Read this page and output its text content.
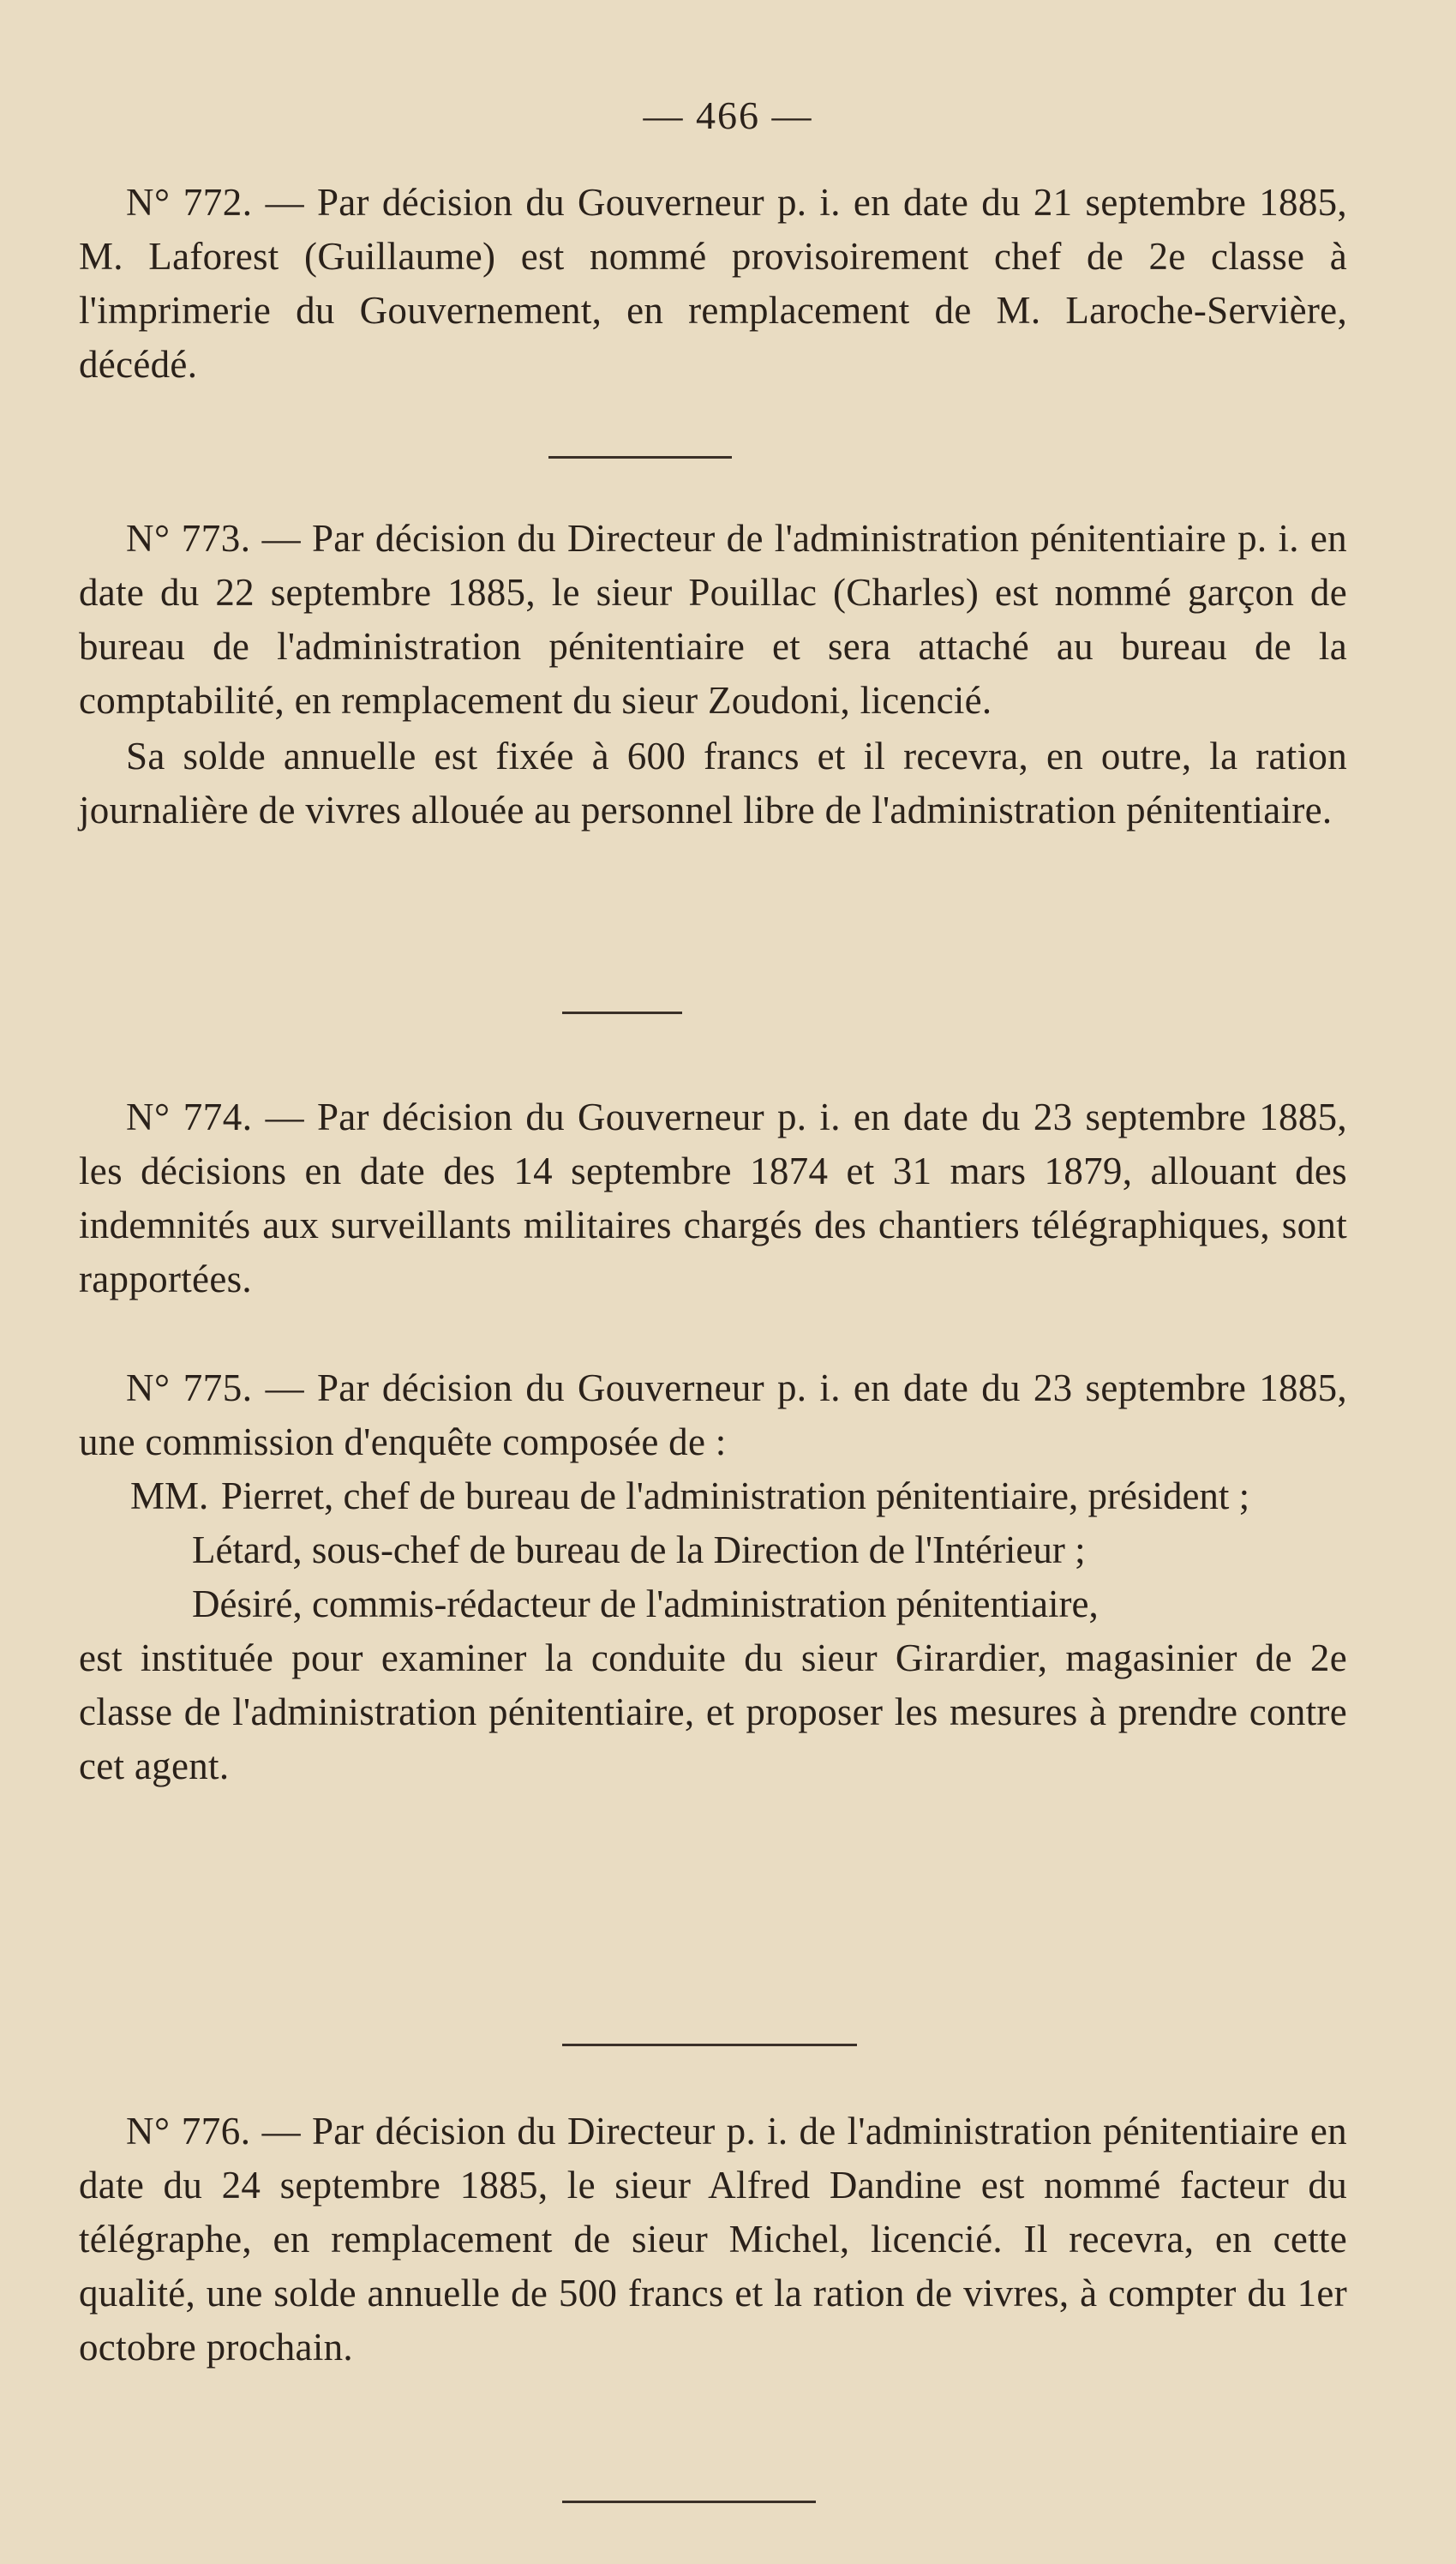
— 466 —

N° 772. — Par décision du Gouverneur p. i. en date du 21 septembre 1885, M. Laforest (Guillaume) est nommé provisoirement chef de 2e classe à l'imprimerie du Gouvernement, en remplacement de M. Laroche-Servière, décédé.

N° 773. — Par décision du Directeur de l'administration pénitentiaire p. i. en date du 22 septembre 1885, le sieur Pouillac (Charles) est nommé garçon de bureau de l'administration pénitentiaire et sera attaché au bureau de la comptabilité, en remplacement du sieur Zoudoni, licencié.

Sa solde annuelle est fixée à 600 francs et il recevra, en outre, la ration journalière de vivres allouée au personnel libre de l'administration pénitentiaire.

N° 774. — Par décision du Gouverneur p. i. en date du 23 septembre 1885, les décisions en date des 14 septembre 1874 et 31 mars 1879, allouant des indemnités aux surveillants militaires chargés des chantiers télégraphiques, sont rapportées.

N° 775. — Par décision du Gouverneur p. i. en date du 23 septembre 1885, une commission d'enquête composée de :

MM. Pierret, chef de bureau de l'administration pénitentiaire, président ;

Létard, sous-chef de bureau de la Direction de l'Intérieur ;

Désiré, commis-rédacteur de l'administration pénitentiaire,

est instituée pour examiner la conduite du sieur Girardier, magasinier de 2e classe de l'administration pénitentiaire, et proposer les mesures à prendre contre cet agent.

N° 776. — Par décision du Directeur p. i. de l'administration pénitentiaire en date du 24 septembre 1885, le sieur Alfred Dandine est nommé facteur du télégraphe, en remplacement de sieur Michel, licencié. Il recevra, en cette qualité, une solde annuelle de 500 francs et la ration de vivres, à compter du 1er octobre prochain.
